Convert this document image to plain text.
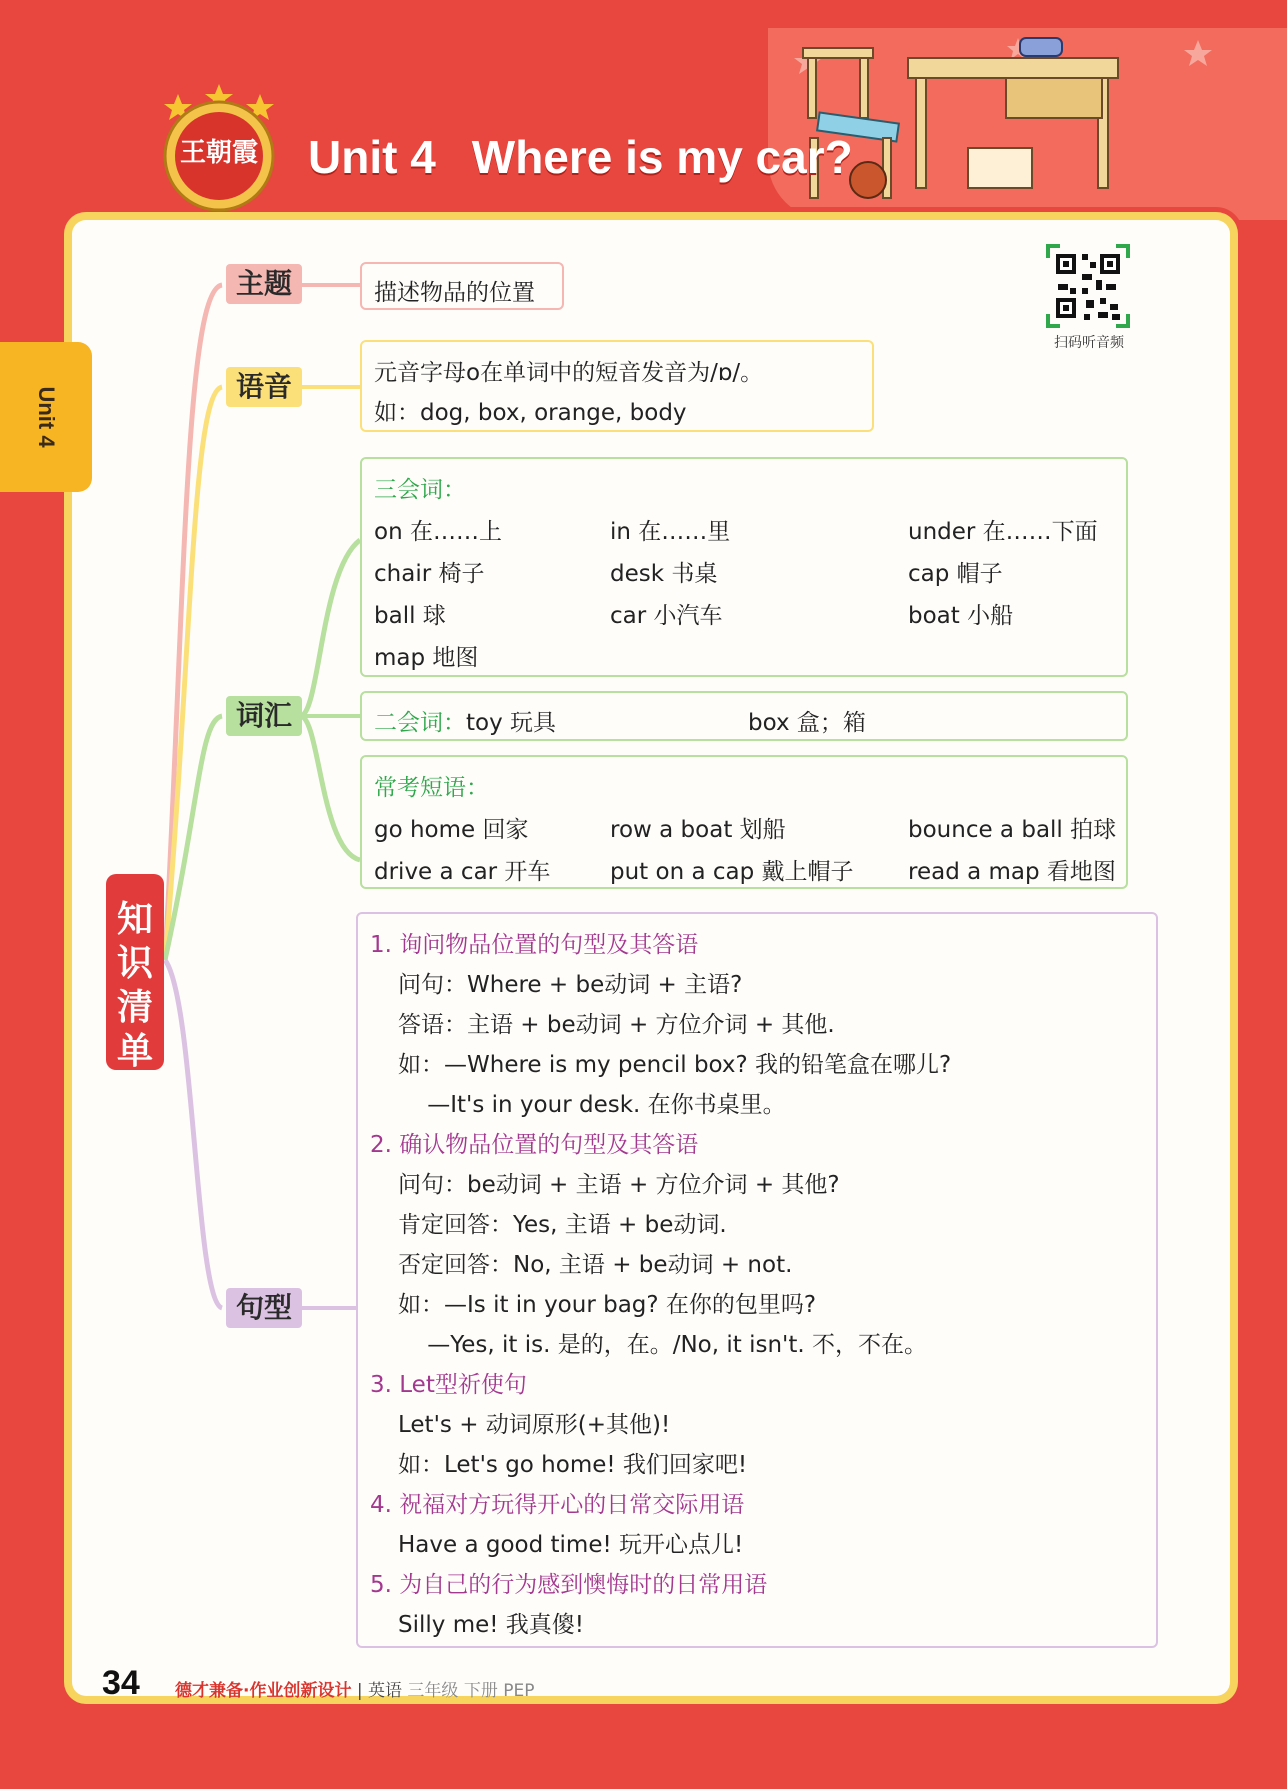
Unit 4
王朝霞	Unit 4 Where is my car?
扫码听音频
知识清单
主题
语音
词汇
句型
描述物品的位置
元音字母o在单词中的短音发音为/ɒ/。
如：dog, box, orange, body
三会词：
on 在……上	in 在……里	under 在……下面
chair 椅子	desk 书桌	cap 帽子
ball 球	car 小汽车	boat 小船
map 地图
二会词：toy 玩具	box 盒；箱
常考短语：
go home 回家	row a boat 划船	bounce a ball 拍球
drive a car 开车	put on a cap 戴上帽子 read a map 看地图
1. 询问物品位置的句型及其答语
问句：Where + be动词 + 主语?
答语：主语 + be动词 + 方位介词 + 其他.
如：—Where is my pencil box? 我的铅笔盒在哪儿?
—It's in your desk. 在你书桌里。
2. 确认物品位置的句型及其答语
问句：be动词 + 主语 + 方位介词 + 其他?
肯定回答：Yes, 主语 + be动词.
否定回答：No, 主语 + be动词 + not.
如：—Is it in your bag? 在你的包里吗?
—Yes, it is. 是的，在。/No, it isn't. 不，不在。
3. Let型祈使句
Let's + 动词原形(+其他)!
如：Let's go home! 我们回家吧!
4. 祝福对方玩得开心的日常交际用语
Have a good time! 玩开心点儿!
5. 为自己的行为感到懊悔时的日常用语
Silly me! 我真傻!
34 德才兼备·作业创新设计 | 英语 三年级 下册 PEP
